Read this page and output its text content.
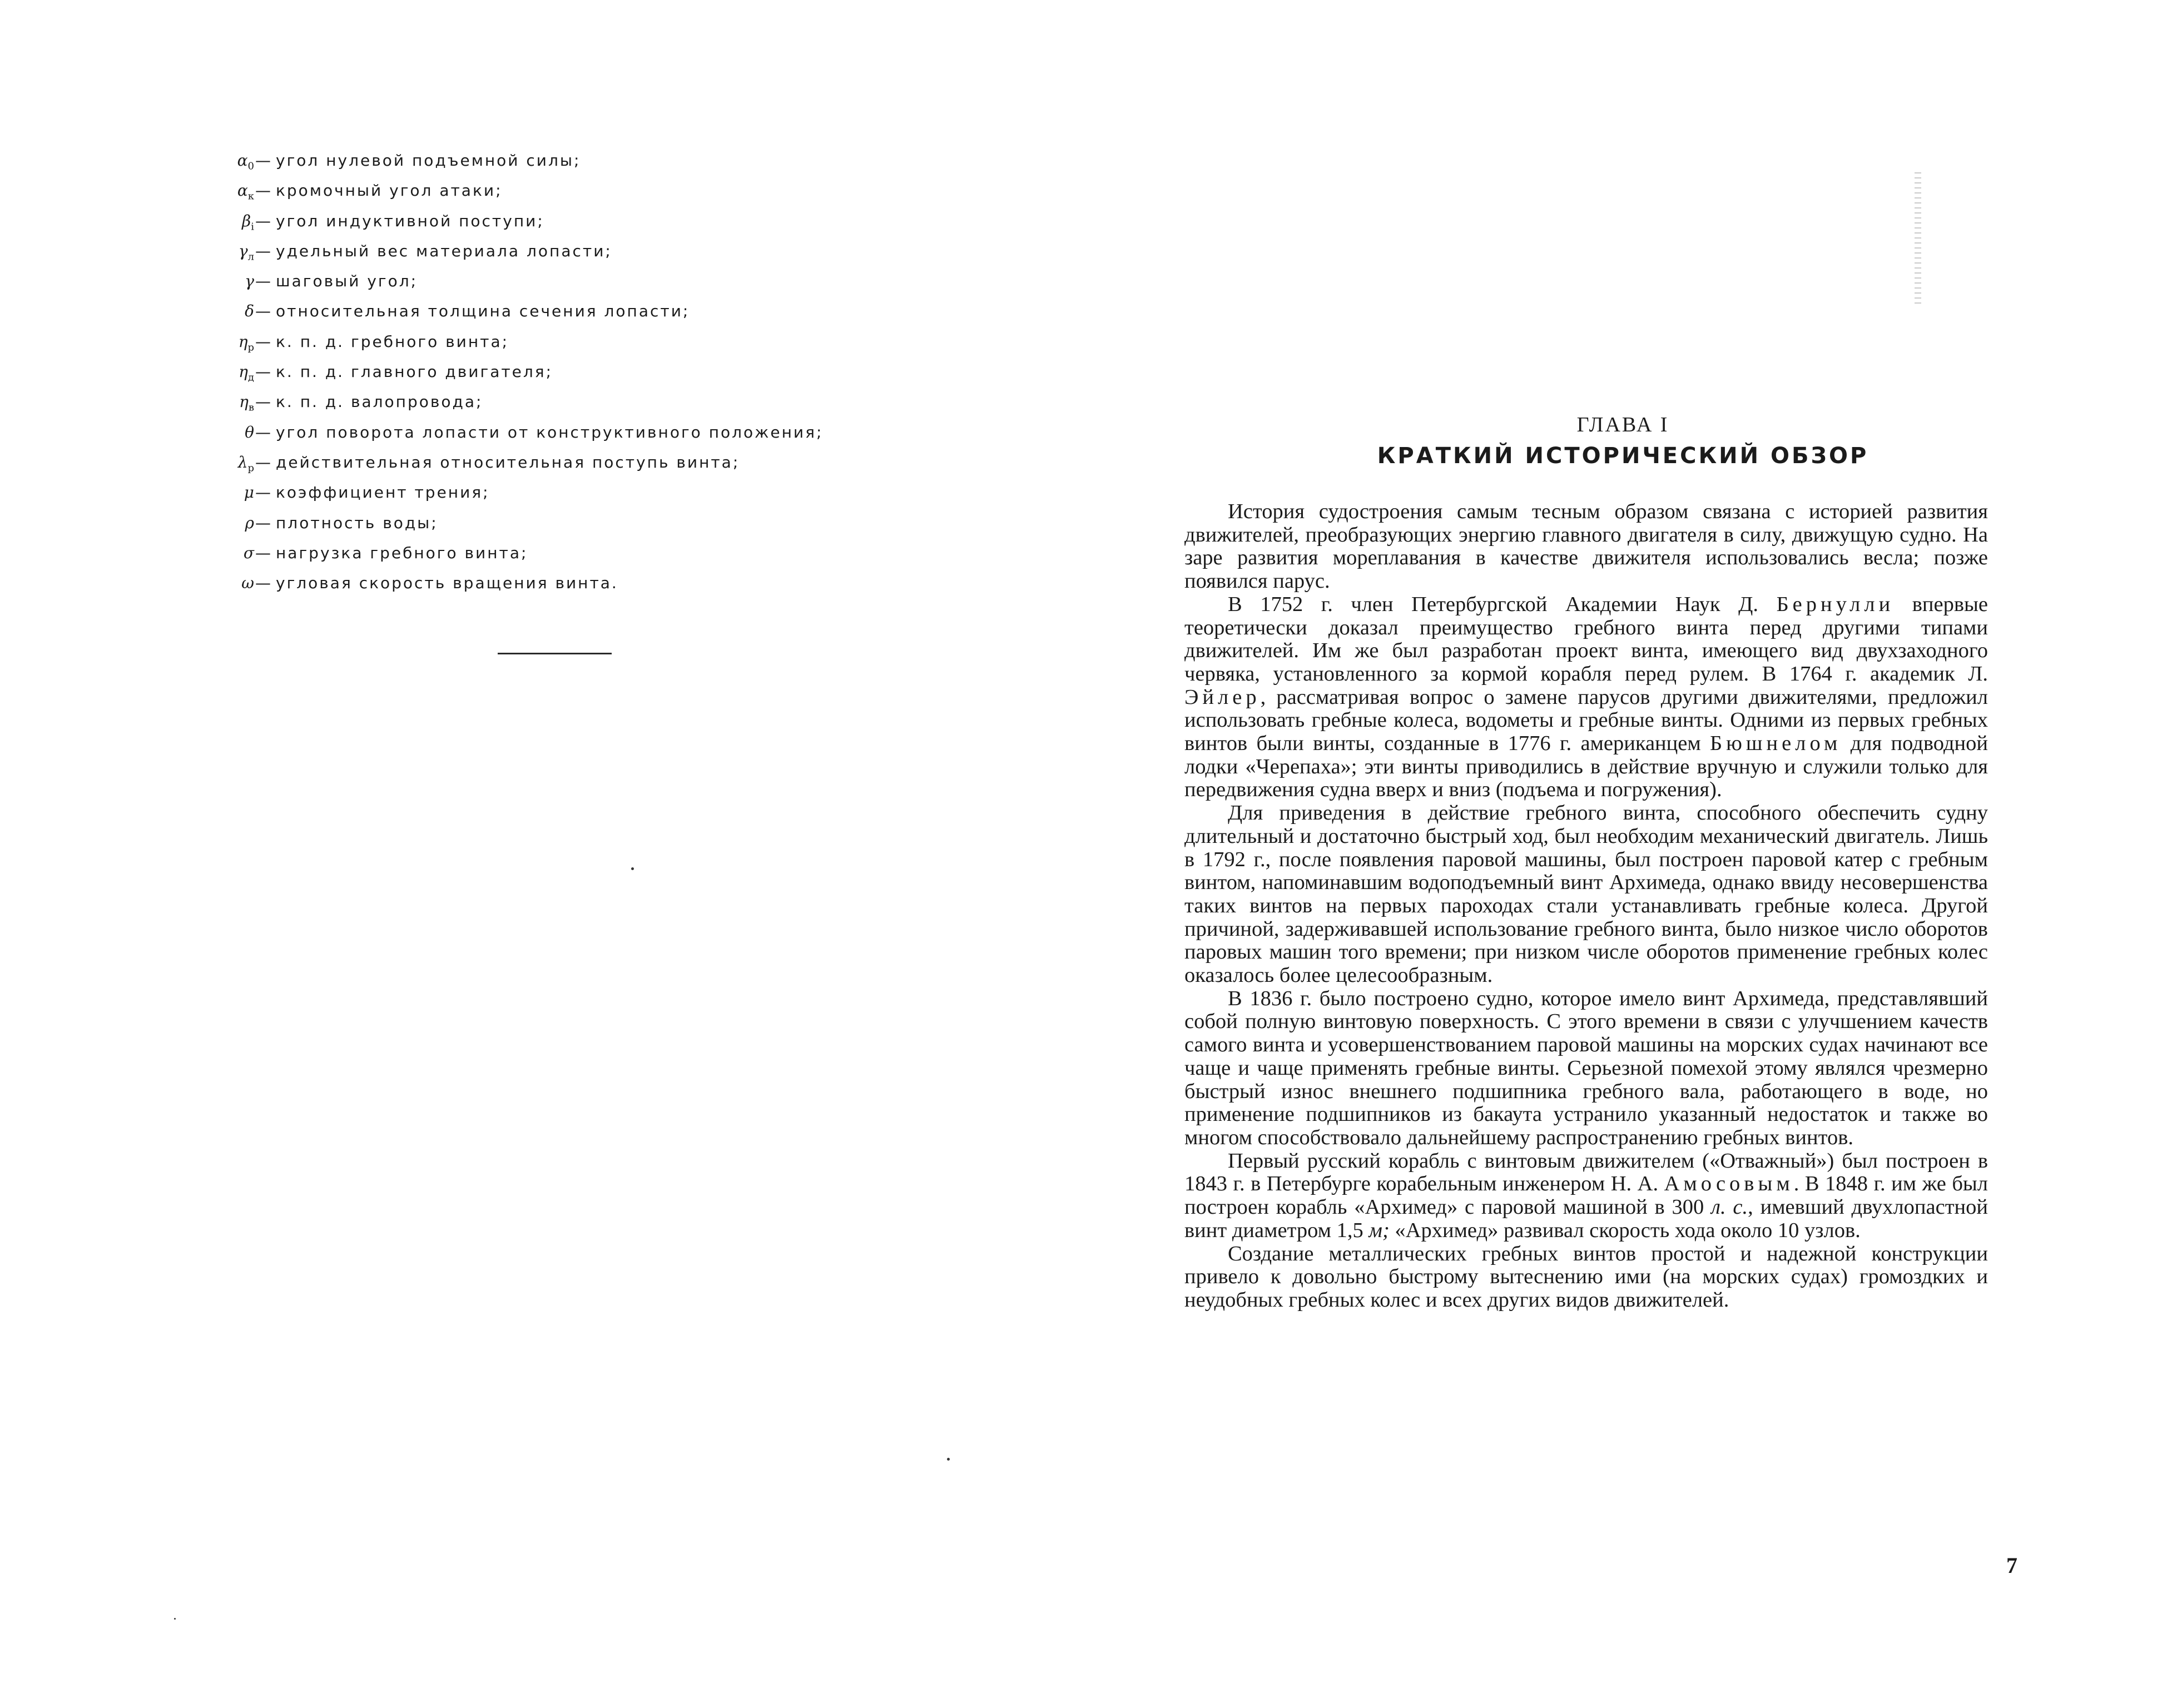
$\alpha_0$ — угол нулевой подъемной силы;
$\alpha_к$ — кромочный угол атаки;
$\beta_i$ — угол индуктивной поступи;
$\gamma_л$ — удельный вес материала лопасти;
γ — шаговый угол;
δ — относительная толщина сечения лопасти;
$\eta_р$ — к. п. д. гребного винта;
$\eta_д$ — к. п. д. главного двигателя;
$\eta_в$ — к. п. д. валопровода;
θ — угол поворота лопасти от конструктивного положения;
$\lambda_р$ — действительная относительная поступь винта;
μ — коэффициент трения;
ρ — плотность воды;
σ — нагрузка гребного винта;
ω — угловая скорость вращения винта.
ГЛАВА I
КРАТКИЙ ИСТОРИЧЕСКИЙ ОБЗОР

История судостроения самым тесным образом связана с историей развития движителей, преобразующих энергию главного двигателя в силу, движущую судно. На заре развития мореплавания в качестве движителя использовались весла; позже появился парус.

В 1752 г. член Петербургской Академии Наук Д. Бернулли впервые теоретически доказал преимущество гребного винта перед другими типами движителей. Им же был разработан проект винта, имеющего вид двухзаходного червяка, установленного за кормой корабля перед рулем. В 1764 г. академик Л. Эйлер, рассматривая вопрос о замене парусов другими движителями, предложил использовать гребные колеса, водометы и гребные винты. Одними из первых гребных винтов были винты, созданные в 1776 г. американцем Бюшнелом для подводной лодки «Черепаха»; эти винты приводились в действие вручную и служили только для передвижения судна вверх и вниз (подъема и погружения).

Для приведения в действие гребного винта, способного обеспечить судну длительный и достаточно быстрый ход, был необходим механический двигатель. Лишь в 1792 г., после появления паровой машины, был построен паровой катер с гребным винтом, напоминавшим водоподъемный винт Архимеда, однако ввиду несовершенства таких винтов на первых пароходах стали устанавливать гребные колеса. Другой причиной, задерживавшей использование гребного винта, было низкое число оборотов паровых машин того времени; при низком числе оборотов применение гребных колес оказалось более целесообразным.

В 1836 г. было построено судно, которое имело винт Архимеда, представлявший собой полную винтовую поверхность. С этого времени в связи с улучшением качеств самого винта и усовершенствованием паровой машины на морских судах начинают все чаще и чаще применять гребные винты. Серьезной помехой этому являлся чрезмерно быстрый износ внешнего подшипника гребного вала, работающего в воде, но применение подшипников из бакаута устранило указанный недостаток и также во многом способствовало дальнейшему распространению гребных винтов.

Первый русский корабль с винтовым движителем («Отважный») был построен в 1843 г. в Петербурге корабельным инженером Н. А. Амосовым. В 1848 г. им же был построен корабль «Архимед» с паровой машиной в 300 л. с., имевший двухлопастной винт диаметром 1,5 м; «Архимед» развивал скорость хода около 10 узлов.

Создание металлических гребных винтов простой и надежной конструкции привело к довольно быстрому вытеснению ими (на морских судах) громоздких и неудобных гребных колес и всех других видов движителей.

7
